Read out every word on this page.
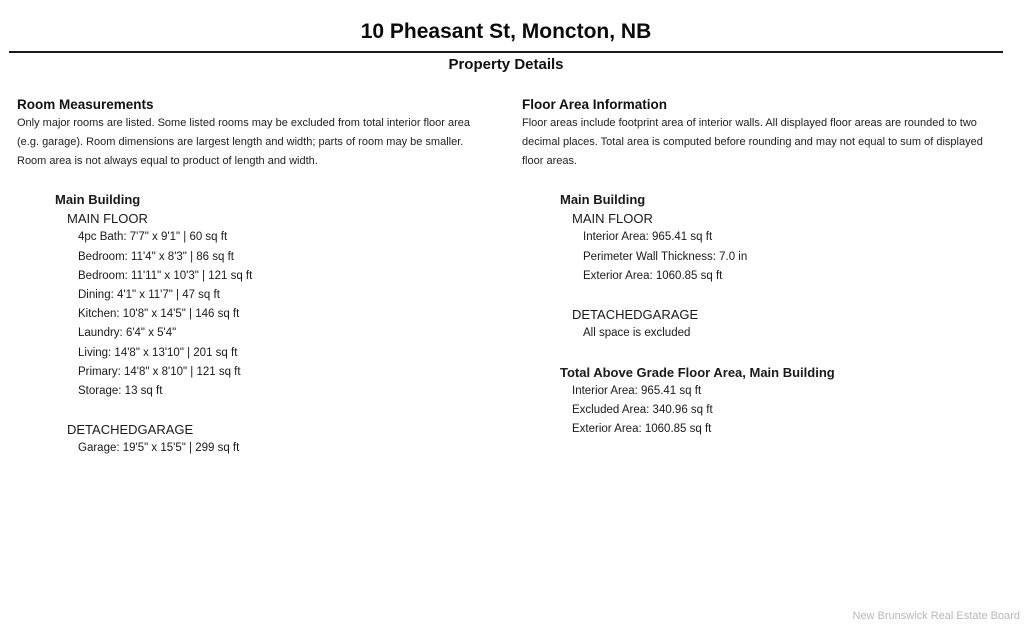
10 Pheasant St, Moncton, NB
Property Details
Room Measurements
Only major rooms are listed. Some listed rooms may be excluded from total interior floor area
(e.g. garage). Room dimensions are largest length and width; parts of room may be smaller.
Room area is not always equal to product of length and width.
Main Building
MAIN FLOOR
4pc Bath: 7'7" x 9'1" | 60 sq ft
Bedroom: 11'4" x 8'3" | 86 sq ft
Bedroom: 11'11" x 10'3" | 121 sq ft
Dining: 4'1" x 11'7" | 47 sq ft
Kitchen: 10'8" x 14'5" | 146 sq ft
Laundry: 6'4" x 5'4"
Living: 14'8" x 13'10" | 201 sq ft
Primary: 14'8" x 8'10" | 121 sq ft
Storage: 13 sq ft
DETACHEDGARAGE
Garage: 19'5" x 15'5" | 299 sq ft
Floor Area Information
Floor areas include footprint area of interior walls. All displayed floor areas are rounded to two
decimal places. Total area is computed before rounding and may not equal to sum of displayed
floor areas.
Main Building
MAIN FLOOR
Interior Area: 965.41 sq ft
Perimeter Wall Thickness: 7.0 in
Exterior Area: 1060.85 sq ft
DETACHEDGARAGE
All space is excluded
Total Above Grade Floor Area, Main Building
Interior Area: 965.41 sq ft
Excluded Area: 340.96 sq ft
Exterior Area: 1060.85 sq ft
New Brunswick Real Estate Board
